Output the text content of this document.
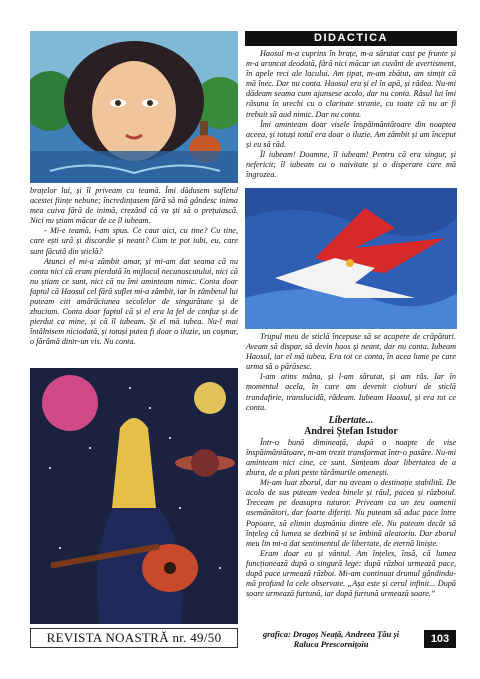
DIDACTICA

Haosul m-a cuprins în brațe, m-a sărutat cast pe frunte și m-a aruncat deodată, fără nici măcar un cuvânt de avertisment, în apele reci ale lacului. Am țipat, m-am zbătut, am simțit că mă înec. Dar nu conta. Haosul era și el în apă, și râdea. Nu-mi dădeam seama cum ajunsese acolo, dar nu conta. Râsul lui îmi răsuna în urechi cu o claritate stranie, cu toate că nu ar fi trebuit să aud nimic. Dar nu conta.

Îmi aminteam doar visele înspăimântătoare din noaptea aceea, și totuși totul era doar o iluzie. Am zâmbit și am început și eu să râd.

Îl iubeam! Doamne, îl iubeam! Pentru că era singur, și nefericit; îl iubeam cu o naivitate și o disperare care mă îngrozea.

brațelor lui, și îl priveam cu teamă. Îmi dădusem sufletul acestei ființe nebune; încredințasem fără să mă gândesc inima mea cuiva fără de inimă, crezând că va ști să o prețuiască. Nici nu știam măcar de ce îl iubeam.

- Mi-e teamă, i-am spus. Ce caut aici, cu tine? Cu tine, care ești urâ și discordie și neant? Cum te pot iubi, eu, care sunt făcută din sticlă?

Atunci el mi-a zâmbit amar, și mi-am dat seama că nu conta nici că eram pierdută în mijlocul necunoscutului, nici că nu știam ce sunt, nici că nu îmi aminteam nimic. Conta doar faptul că Haosul cel fără suflet mi-a zâmbit, iar în zâmbetul lui puteam citi amărăciunea secolelor de singurătate și de zbucium. Conta doar faptul că și el era la fel de confuz și de pierdut ca mine, și că îl iubeam. Și el mă iubea. Nu-l mai întâlnisem niciodată, și totuși putea fi doar o iluzie, un coșmar, o fărâmă dintr-un vis. Nu conta.

Trupul meu de sticlă începuse să se acopere de crăpături. Aveam să dispar, să devin haos și neant, dar nu conta. Iubeam Haosul, iar el mă iubea. Era tot ce conta, în acea lume pe care urma să o părăsesc.

I-am atins mâna, și l-am sărutat, și am râs. Iar în momentul acela, în care am devenit cioburi de sticlă trandafirie, translucidă, râdeam. Iubeam Haosul, și era tot ce conta.

Libertate...
Andrei Ștefan Istudor

Într-o bună dimineață, după o noapte de vise înspăimântătoare, m-am trezit transformat într-o pasăre. Nu-mi aminteam nici cine, ce sunt. Simțeam doar libertatea de a zbura, de a pluti peste tărâmurile omenești.

Mi-am luat zborul, dar nu aveam o destinație stabilită. De acolo de sus puteam vedea binele și răul, pacea și războiul. Treceam pe deasupra tuturor. Priveam ca un zeu oamenii asemănători, dar foarte diferiți. Nu puteam să aduc pace între Popoare, să elimin dușmănia dintre ele. Nu puteam decât să înțeleg că lumea se dezbină și se îmbină aleatoriu. Dar zborul meu lin mi-a dat sentimentul de libertate, de eternă liniște.

Eram doar eu și vântul. Am înțeles, însă, că lumea funcționează după o singură lege: după război urmează pace, după pace urmează război. Mi-am continuat drumul gândindu-mă profund la cele observate. „Așa este și cerul infinit... După soare urmează furtună, iar după furtună urmează soare.”

REVISTA NOASTRĂ nr. 49/50	grafica: Dragoș Neață, Andreea Țău și
Raluca Prescornițoiu	103
